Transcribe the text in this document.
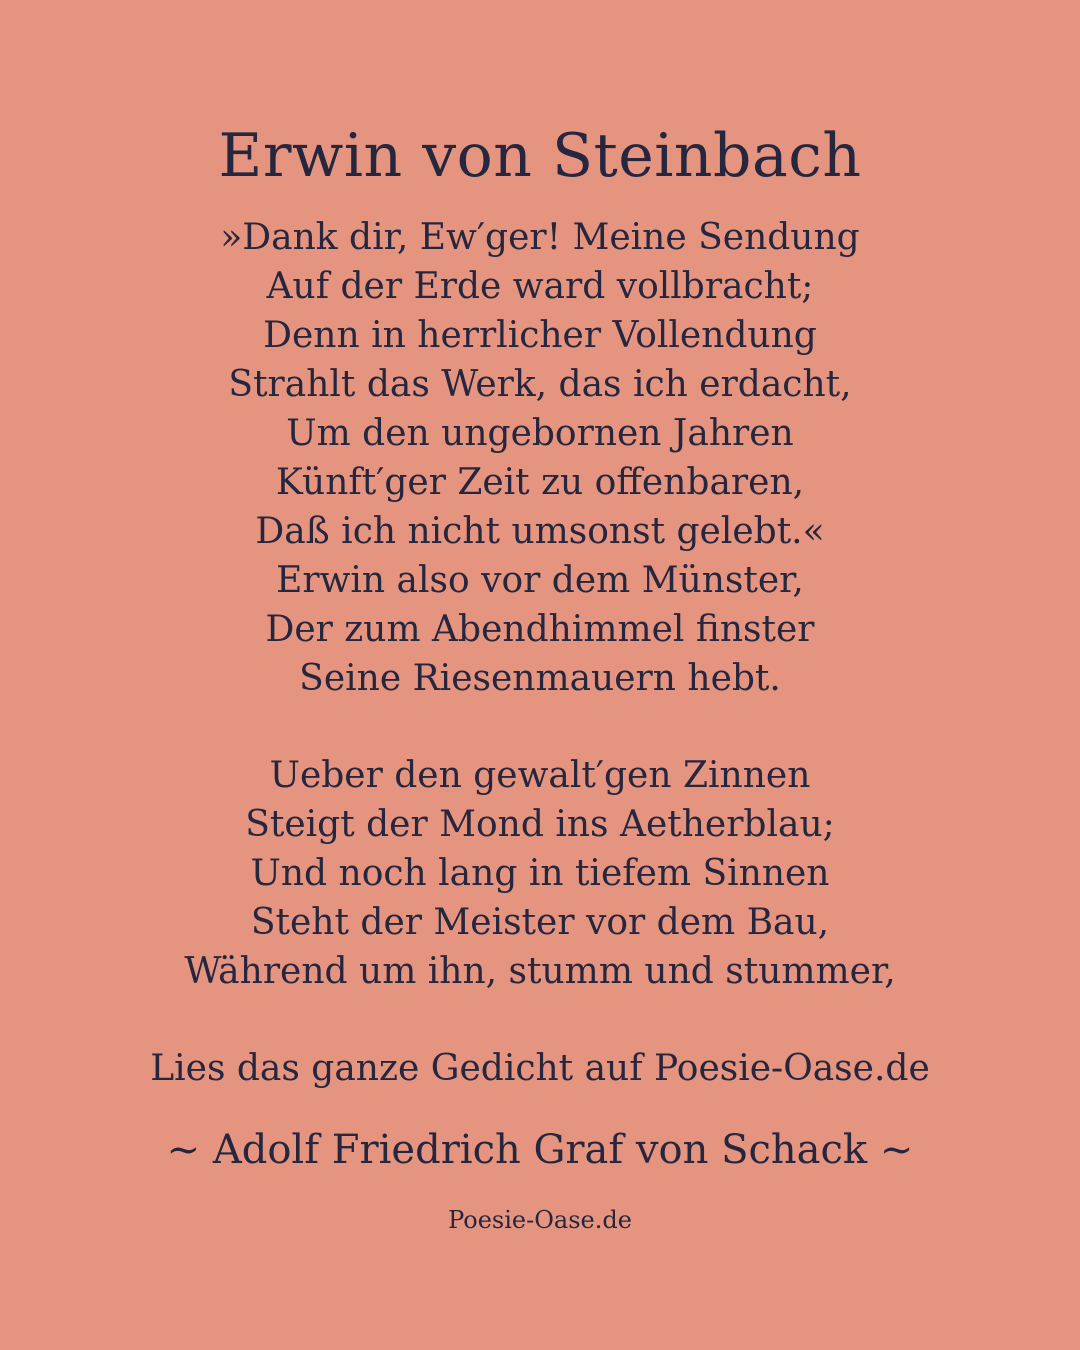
Erwin von Steinbach
»Dank dir, Ew′ger! Meine Sendung
Auf der Erde ward vollbracht;
Denn in herrlicher Vollendung
Strahlt das Werk, das ich erdacht,
Um den ungebornen Jahren
Künft′ger Zeit zu offenbaren,
Daß ich nicht umsonst gelebt.«
Erwin also vor dem Münster,
Der zum Abendhimmel finster
Seine Riesenmauern hebt.
Ueber den gewalt′gen Zinnen
Steigt der Mond ins Aetherblau;
Und noch lang in tiefem Sinnen
Steht der Meister vor dem Bau,
Während um ihn, stumm und stummer,

Lies das ganze Gedicht auf Poesie-Oase.de

~ Adolf Friedrich Graf von Schack ~

Poesie-Oase.de
